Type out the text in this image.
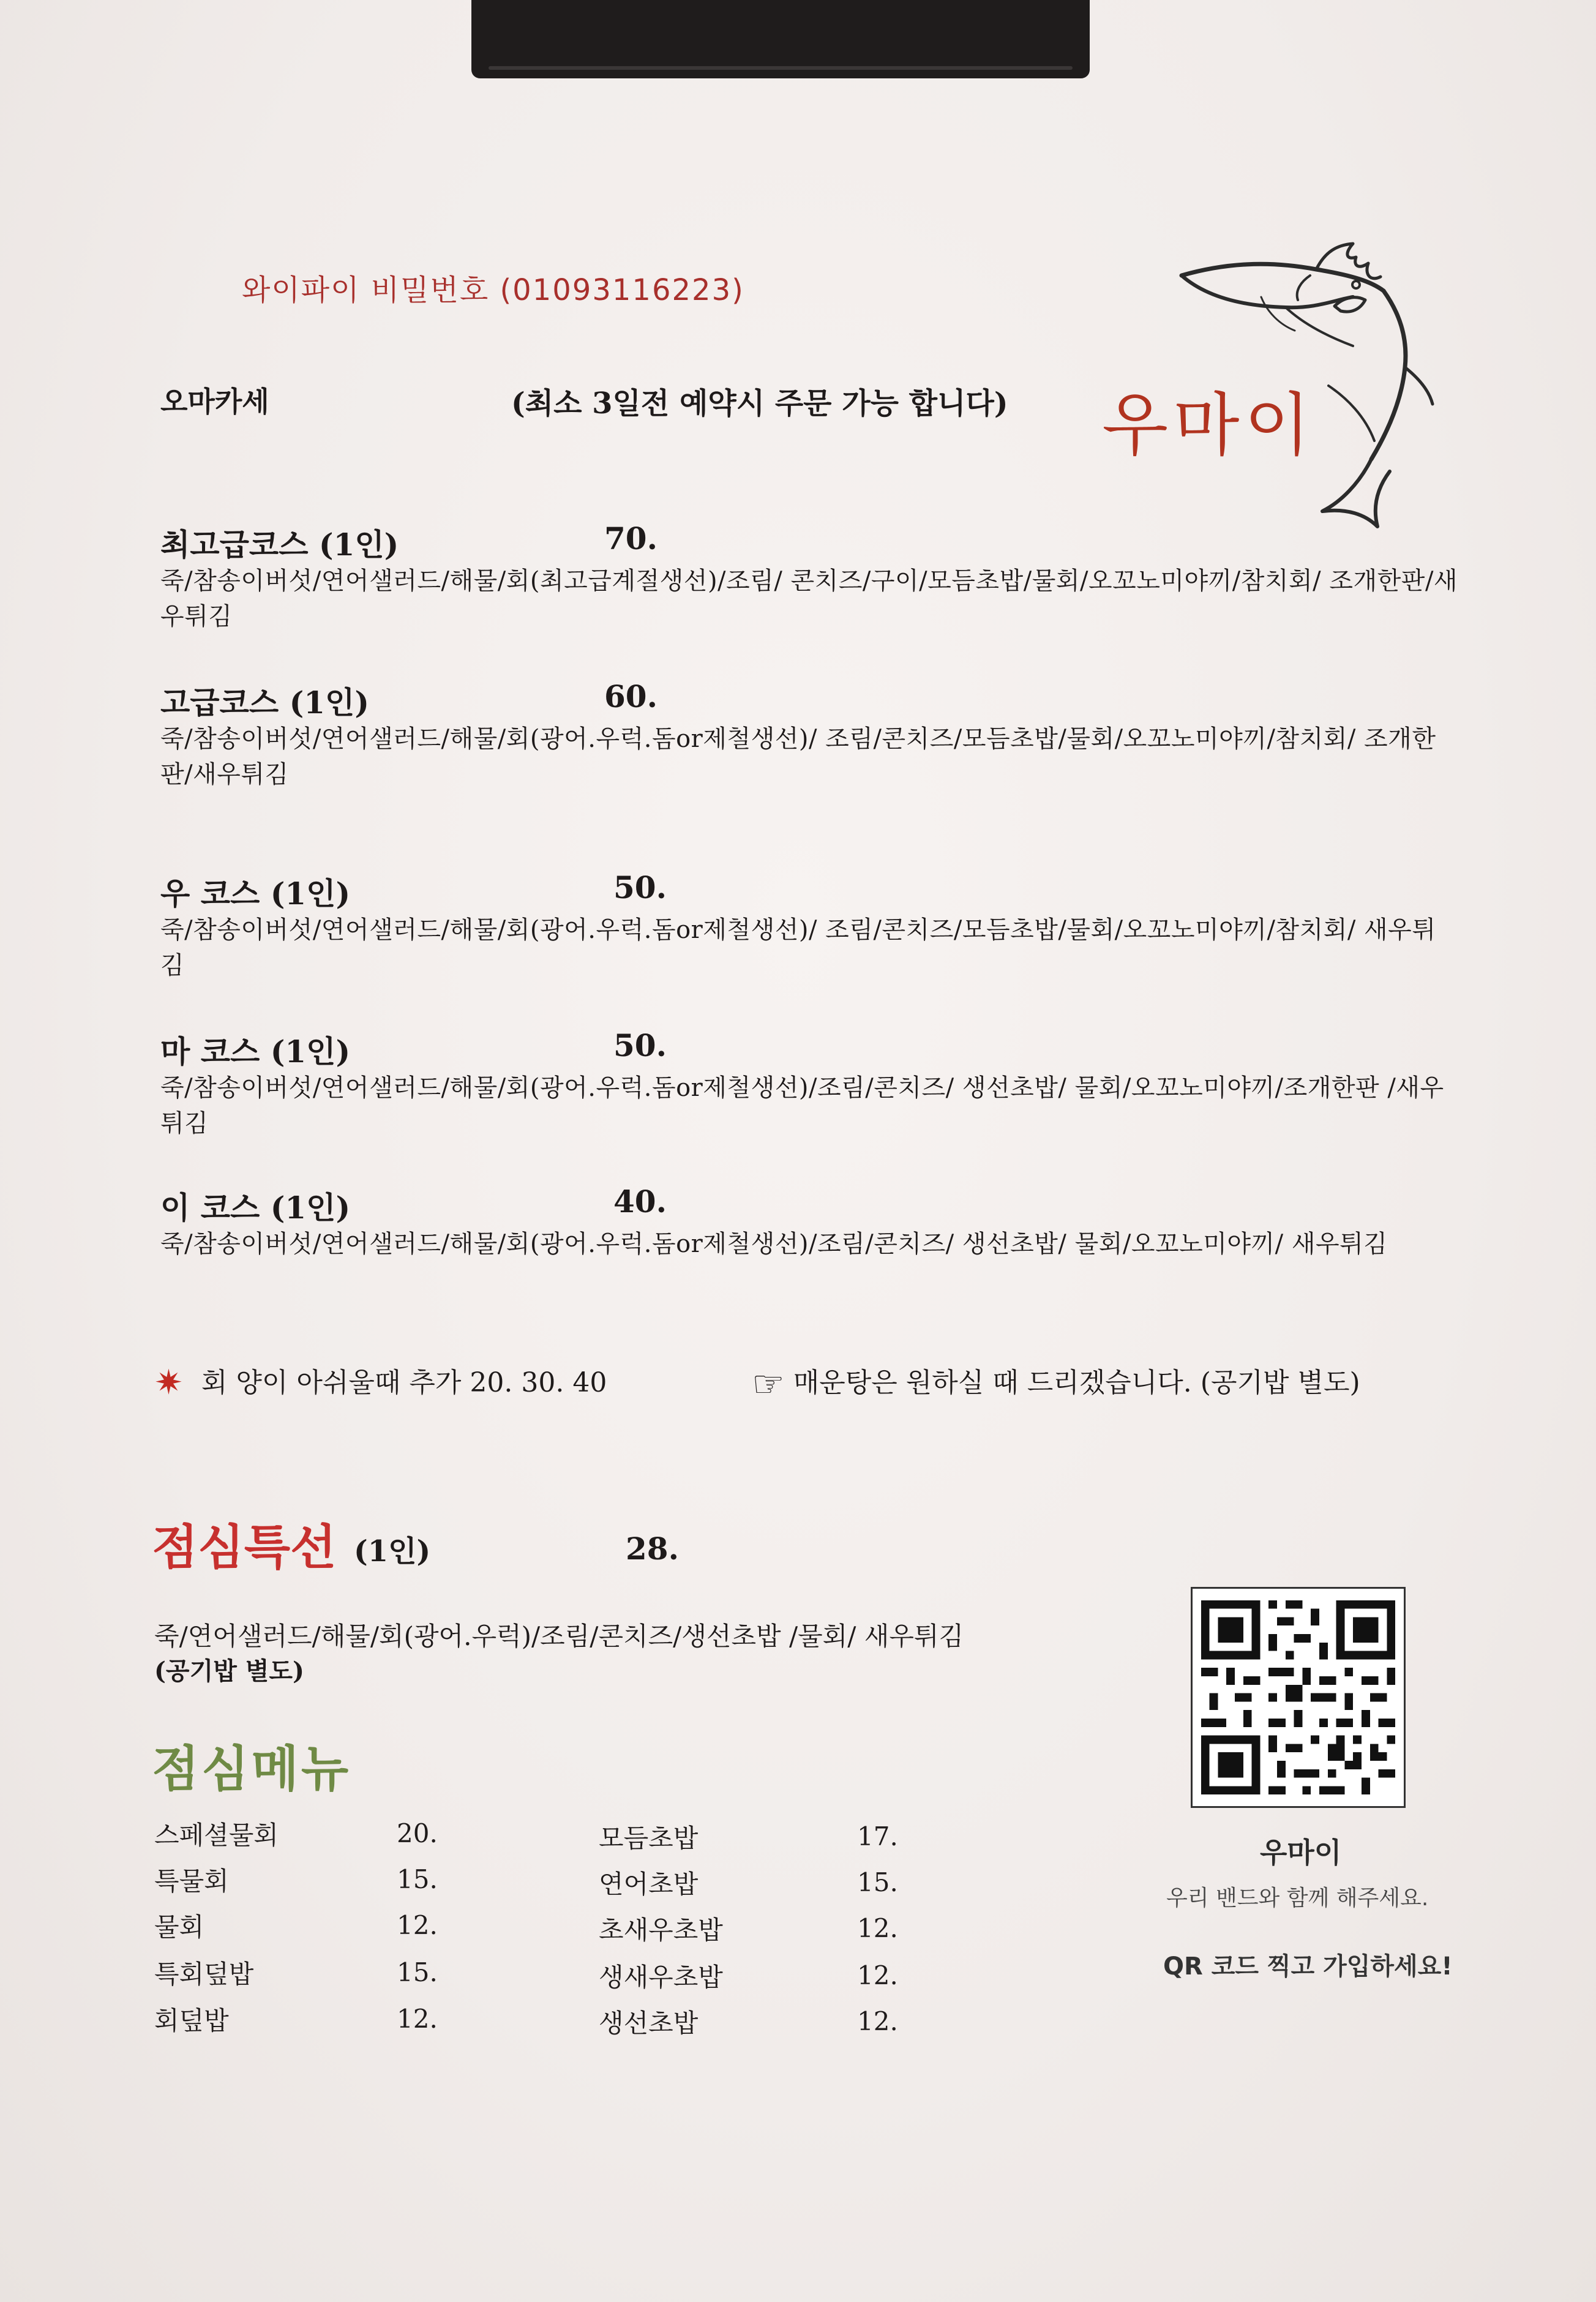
와이파이 비밀번호 (01093116223)
오마카세	(최소 3일전 예약시 주문 가능 합니다) 우마이
최고급코스 (1인)	70.
죽/참송이버섯/연어샐러드/해물/회(최고급계절생선)/조림/ 콘치즈/구이/모듬초밥/물회/오꼬노미야끼/참치회/ 조개한판/새우튀김
고급코스 (1인)	60.
죽/참송이버섯/연어샐러드/해물/회(광어.우럭.돔or제철생선)/ 조림/콘치즈/모듬초밥/물회/오꼬노미야끼/참치회/ 조개한판/새우튀김
우 코스 (1인)	50.
죽/참송이버섯/연어샐러드/해물/회(광어.우럭.돔or제철생선)/ 조림/콘치즈/모듬초밥/물회/오꼬노미야끼/참치회/ 새우튀김
마 코스 (1인)	50.
죽/참송이버섯/연어샐러드/해물/회(광어.우럭.돔or제철생선)/조림/콘치즈/ 생선초밥/ 물회/오꼬노미야끼/조개한판 /새우튀김
이 코스 (1인)	40.
죽/참송이버섯/연어샐러드/해물/회(광어.우럭.돔or제철생선)/조림/콘치즈/ 생선초밥/ 물회/오꼬노미야끼/ 새우튀김
✷ 회 양이 아쉬울때 추가 20. 30. 40	☞ 매운탕은 원하실 때 드리겠습니다. (공기밥 별도)
점심특선 (1인)	28.
죽/연어샐러드/해물/회(광어.우럭)/조림/콘치즈/생선초밥 /물회/ 새우튀김
(공기밥 별도)
점심메뉴
스페셜물회	20.
특물회	15.
물회	12.
특회덮밥	15.
회덮밥	12.
모듬초밥	17.
연어초밥	15.
초새우초밥	12.
생새우초밥	12.
생선초밥	12.
우마이
우리 밴드와 함께 해주세요.
QR 코드 찍고 가입하세요!
